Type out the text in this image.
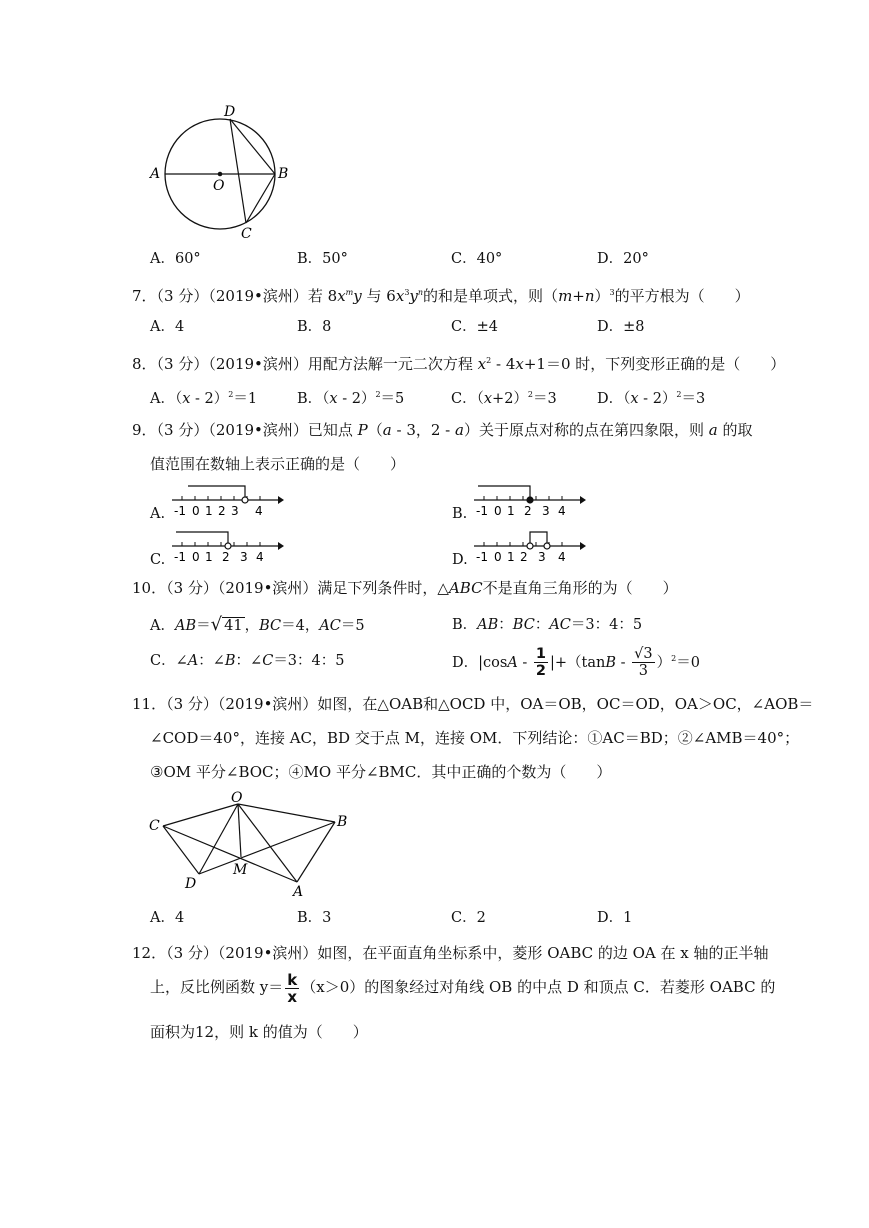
D
A
O
B
C
A．60°	B．50°	C．40°	D．20°
7．（3 分）（2019•滨州）若 $8x^my$ 与 $6x^3y^n$的和是单项式，则$(m+n)^3$的平方根为（　　）
A．4	B．8	C．±4	D．±8
8．（3 分）（2019•滨州）用配方法解一元二次方程 $x^2 - 4x+1=0$ 时，下列变形正确的是（　　）
A．（x - 2）$^2$＝1	B．（x - 2）$^2$＝5	C．$(x+2)^2=3$	D．（x - 2）$^2$＝3
9．（3 分）（2019•滨州）已知点 P（a - 3，2 - a）关于原点对称的点在第四象限，则 a 的取
值范围在数轴上表示正确的是（　　）
A. -1 0 1 2 3 4	B. -1 0 1 2 3 4
C. -1 0 1 2 3 4	D. -1 0 1 2 3 4
10．（3 分）（2019•滨州）满足下列条件时，△ABC不是直角三角形的为（　　）
A．AB＝√ 41 ，BC＝4，AC＝5	B．AB：BC：AC＝3：4：5
C．∠A：∠B：∠C＝3：4：5	D．$|\cos A - \frac{1}{2} |+(\tan B - \frac{√3}{3} )^2=0$
11．（3 分）（2019•滨州）如图，在△OAB和△OCD 中，OA＝OB，OC＝OD，OA＞OC，∠AOB＝
∠COD＝40°，连接 AC，BD 交于点 M，连接 OM．下列结论：①AC＝BD；②∠AMB＝40°；
③OM 平分∠BOC；④MO 平分∠BMC．其中正确的个数为（　　）
O
C	B
D
M
A
A．4	B．3	C．2	D．1
12．（3 分）（2019•滨州）如图，在平面直角坐标系中，菱形 OABC 的边 OA 在 x 轴的正半轴
上，反比例函数 $y= \frac{k}{x} (x>0)$的图象经过对角线 OB 的中点 D 和顶点 C．若菱形 OABC 的
面积为12，则 k 的值为（　　）
